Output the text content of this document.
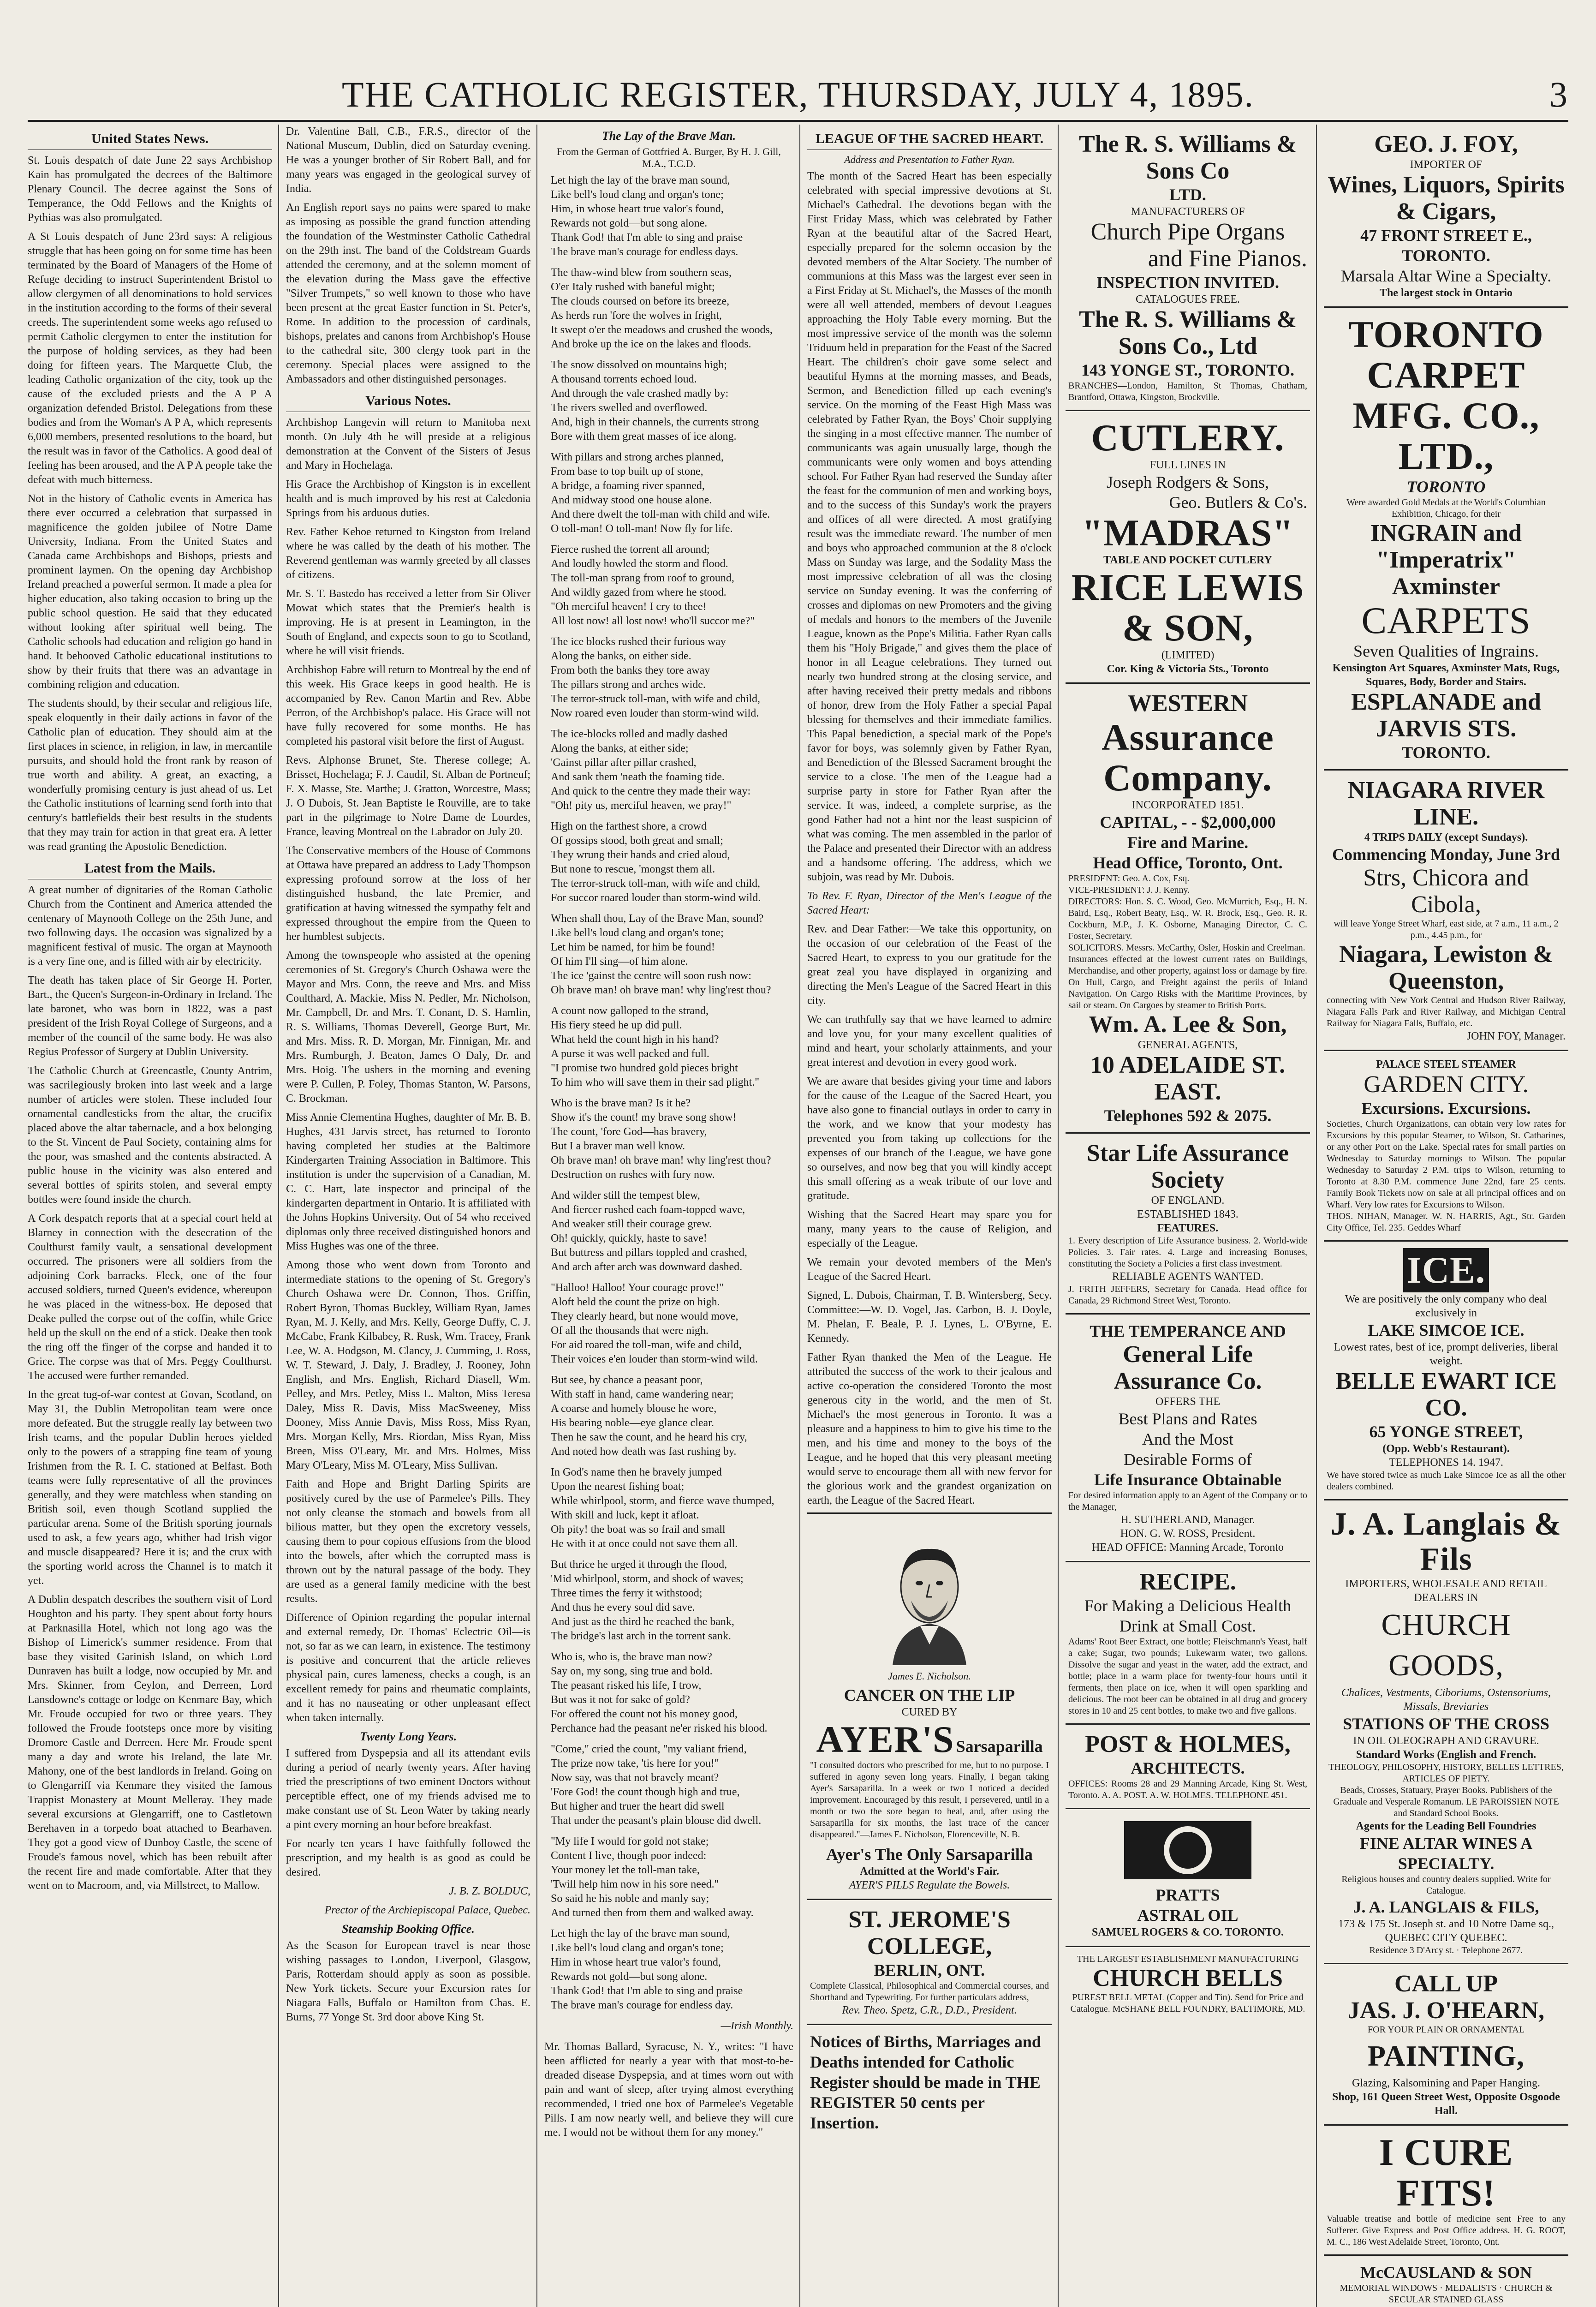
THE CATHOLIC REGISTER, THURSDAY, JULY 4, 1895.	3
United States News.

St. Louis despatch of date June 22 says Archbishop Kain has promulgated the decrees of the Baltimore Plenary Council. The decree against the Sons of Temperance, the Odd Fellows and the Knights of Pythias was also promulgated.

A St Louis despatch of June 23rd says: A religious struggle that has been going on for some time has been terminated by the Board of Managers of the Home of Refuge deciding to instruct Superintendent Bristol to allow clergymen of all denominations to hold services in the institution according to the forms of their several creeds. The superintendent some weeks ago refused to permit Catholic clergymen to enter the institution for the purpose of holding services, as they had been doing for fifteen years. The Marquette Club, the leading Catholic organization of the city, took up the cause of the excluded priests and the A P A organization defended Bristol. Delegations from these bodies and from the Woman's A P A, which represents 6,000 members, presented resolutions to the board, but the result was in favor of the Catholics. A good deal of feeling has been aroused, and the A P A people take the defeat with much bitterness.

Not in the history of Catholic events in America has there ever occurred a celebration that surpassed in magnificence the golden jubilee of Notre Dame University, Indiana. From the United States and Canada came Archbishops and Bishops, priests and prominent laymen. On the opening day Archbishop Ireland preached a powerful sermon. It made a plea for higher education, also taking occasion to bring up the public school question. He said that they educated without looking after spiritual well being. The Catholic schools had education and religion go hand in hand. It behooved Catholic educational institutions to show by their fruits that there was an advantage in combining religion and education.

The students should, by their secular and religious life, speak eloquently in their daily actions in favor of the Catholic plan of education. They should aim at the first places in science, in religion, in law, in mercantile pursuits, and should hold the front rank by reason of true worth and ability. A great, an exacting, a wonderfully promising century is just ahead of us. Let the Catholic institutions of learning send forth into that century's battlefields their best results in the students that they may train for action in that great era. A letter was read granting the Apostolic Benediction.

Latest from the Mails.

A great number of dignitaries of the Roman Catholic Church from the Continent and America attended the centenary of Maynooth College on the 25th June, and two following days. The occasion was signalized by a magnificent festival of music. The organ at Maynooth is a very fine one, and is filled with air by electricity.

The death has taken place of Sir George H. Porter, Bart., the Queen's Surgeon-in-Ordinary in Ireland. The late baronet, who was born in 1822, was a past president of the Irish Royal College of Surgeons, and a member of the council of the same body. He was also Regius Professor of Surgery at Dublin University.

The Catholic Church at Greencastle, County Antrim, was sacrilegiously broken into last week and a large number of articles were stolen. These included four ornamental candlesticks from the altar, the crucifix placed above the altar tabernacle, and a box belonging to the St. Vincent de Paul Society, containing alms for the poor, was smashed and the contents abstracted. A public house in the vicinity was also entered and several bottles of spirits stolen, and several empty bottles were found inside the church.

A Cork despatch reports that at a special court held at Blarney in connection with the desecration of the Coulthurst family vault, a sensational development occurred. The prisoners were all soldiers from the adjoining Cork barracks. Fleck, one of the four accused soldiers, turned Queen's evidence, whereupon he was placed in the witness-box. He deposed that Deake pulled the corpse out of the coffin, while Grice held up the skull on the end of a stick. Deake then took the ring off the finger of the corpse and handed it to Grice. The corpse was that of Mrs. Peggy Coulthurst. The accused were further remanded.

In the great tug-of-war contest at Govan, Scotland, on May 31, the Dublin Metropolitan team were once more defeated. But the struggle really lay between two Irish teams, and the popular Dublin heroes yielded only to the powers of a strapping fine team of young Irishmen from the R. I. C. stationed at Belfast. Both teams were fully representative of all the provinces generally, and they were matchless when standing on British soil, even though Scotland supplied the particular arena. Some of the British sporting journals used to ask, a few years ago, whither had Irish vigor and muscle disappeared? Here it is; and the crux with the sporting world across the Channel is to match it yet.

A Dublin despatch describes the southern visit of Lord Houghton and his party. They spent about forty hours at Parknasilla Hotel, which not long ago was the Bishop of Limerick's summer residence. From that base they visited Garinish Island, on which Lord Dunraven has built a lodge, now occupied by Mr. and Mrs. Skinner, from Ceylon, and Derreen, Lord Lansdowne's cottage or lodge on Kenmare Bay, which Mr. Froude occupied for two or three years. They followed the Froude footsteps once more by visiting Dromore Castle and Derreen. Here Mr. Froude spent many a day and wrote his Ireland, the late Mr. Mahony, one of the best landlords in Ireland. Going on to Glengarriff via Kenmare they visited the famous Trappist Monastery at Mount Melleray. They made several excursions at Glengarriff, one to Castletown Berehaven in a torpedo boat attached to Bearhaven. They got a good view of Dunboy Castle, the scene of Froude's famous novel, which has been rebuilt after the recent fire and made comfortable. After that they went on to Macroom, and, via Millstreet, to Mallow.

Dr. Valentine Ball, C.B., F.R.S., director of the National Museum, Dublin, died on Saturday evening. He was a younger brother of Sir Robert Ball, and for many years was engaged in the geological survey of India.

An English report says no pains were spared to make as imposing as possible the grand function attending the foundation of the Westminster Catholic Cathedral on the 29th inst. The band of the Coldstream Guards attended the ceremony, and at the solemn moment of the elevation during the Mass gave the effective "Silver Trumpets," so well known to those who have been present at the great Easter function in St. Peter's, Rome. In addition to the procession of cardinals, bishops, prelates and canons from Archbishop's House to the cathedral site, 300 clergy took part in the ceremony. Special places were assigned to the Ambassadors and other distinguished personages.

Various Notes.

Archbishop Langevin will return to Manitoba next month. On July 4th he will preside at a religious demonstration at the Convent of the Sisters of Jesus and Mary in Hochelaga.

His Grace the Archbishop of Kingston is in excellent health and is much improved by his rest at Caledonia Springs from his arduous duties.

Rev. Father Kehoe returned to Kingston from Ireland where he was called by the death of his mother. The Reverend gentleman was warmly greeted by all classes of citizens.

Mr. S. T. Bastedo has received a letter from Sir Oliver Mowat which states that the Premier's health is improving. He is at present in Leamington, in the South of England, and expects soon to go to Scotland, where he will visit friends.

Archbishop Fabre will return to Montreal by the end of this week. His Grace keeps in good health. He is accompanied by Rev. Canon Martin and Rev. Abbe Perron, of the Archbishop's palace. His Grace will not have fully recovered for some months. He has completed his pastoral visit before the first of August.

Revs. Alphonse Brunet, Ste. Therese college; A. Brisset, Hochelaga; F. J. Caudil, St. Alban de Portneuf; F. X. Masse, Ste. Marthe; J. Gratton, Worcestre, Mass; J. O Dubois, St. Jean Baptiste le Rouville, are to take part in the pilgrimage to Notre Dame de Lourdes, France, leaving Montreal on the Labrador on July 20.

The Conservative members of the House of Commons at Ottawa have prepared an address to Lady Thompson expressing profound sorrow at the loss of her distinguished husband, the late Premier, and gratification at having witnessed the sympathy felt and expressed throughout the empire from the Queen to her humblest subjects.

Among the townspeople who assisted at the opening ceremonies of St. Gregory's Church Oshawa were the Mayor and Mrs. Conn, the reeve and Mrs. and Miss Coulthard, A. Mackie, Miss N. Pedler, Mr. Nicholson, Mr. Campbell, Dr. and Mrs. T. Conant, D. S. Hamlin, R. S. Williams, Thomas Deverell, George Burt, Mr. and Mrs. Miss. R. D. Morgan, Mr. Finnigan, Mr. and Mrs. Rumburgh, J. Beaton, James O Daly, Dr. and Mrs. Hoig. The ushers in the morning and evening were P. Cullen, P. Foley, Thomas Stanton, W. Parsons, C. Brockman.

Miss Annie Clementina Hughes, daughter of Mr. B. B. Hughes, 431 Jarvis street, has returned to Toronto having completed her studies at the Baltimore Kindergarten Training Association in Baltimore. This institution is under the supervision of a Canadian, M. C. C. Hart, late inspector and principal of the kindergarten department in Ontario. It is affiliated with the Johns Hopkins University. Out of 54 who received diplomas only three received distinguished honors and Miss Hughes was one of the three.

Among those who went down from Toronto and intermediate stations to the opening of St. Gregory's Church Oshawa were Dr. Connon, Thos. Griffin, Robert Byron, Thomas Buckley, William Ryan, James Ryan, M. J. Kelly, and Mrs. Kelly, George Duffy, C. J. McCabe, Frank Kilbabey, R. Rusk, Wm. Tracey, Frank Lee, W. A. Hodgson, M. Clancy, J. Cumming, J. Ross, W. T. Steward, J. Daly, J. Bradley, J. Rooney, John English, and Mrs. English, Richard Diasell, Wm. Pelley, and Mrs. Petley, Miss L. Malton, Miss Teresa Daley, Miss R. Davis, Miss MacSweeney, Miss Dooney, Miss Annie Davis, Miss Ross, Miss Ryan, Mrs. Morgan Kelly, Mrs. Riordan, Miss Ryan, Miss Breen, Miss O'Leary, Mr. and Mrs. Holmes, Miss Mary O'Leary, Miss M. O'Leary, Miss Sullivan.

Faith and Hope and Bright Darling Spirits are positively cured by the use of Parmelee's Pills. They not only cleanse the stomach and bowels from all bilious matter, but they open the excretory vessels, causing them to pour copious effusions from the blood into the bowels, after which the corrupted mass is thrown out by the natural passage of the body. They are used as a general family medicine with the best results.

Difference of Opinion regarding the popular internal and external remedy, Dr. Thomas' Eclectric Oil—is not, so far as we can learn, in existence. The testimony is positive and concurrent that the article relieves physical pain, cures lameness, checks a cough, is an excellent remedy for pains and rheumatic complaints, and it has no nauseating or other unpleasant effect when taken internally.

Twenty Long Years.

I suffered from Dyspepsia and all its attendant evils during a period of nearly twenty years. After having tried the prescriptions of two eminent Doctors without perceptible effect, one of my friends advised me to make constant use of St. Leon Water by taking nearly a pint every morning an hour before breakfast.

For nearly ten years I have faithfully followed the prescription, and my health is as good as could be desired.

J. B. Z. BOLDUC,

Prector of the Archiepiscopal Palace, Quebec.

Steamship Booking Office.

As the Season for European travel is near those wishing passages to London, Liverpool, Glasgow, Paris, Rotterdam should apply as soon as possible. New York tickets. Secure your Excursion rates for Niagara Falls, Buffalo or Hamilton from Chas. E. Burns, 77 Yonge St. 3rd door above King St.

The Lay of the Brave Man.
From the German of Gottfried A. Burger, By H. J. Gill, M.A., T.C.D.

Let high the lay of the brave man sound,
Like bell's loud clang and organ's tone;
Him, in whose heart true valor's found,
Rewards not gold—but song alone.
Thank God! that I'm able to sing and praise
The brave man's courage for endless days.

The thaw-wind blew from southern seas,
O'er Italy rushed with baneful might;
The clouds coursed on before its breeze,
As herds run 'fore the wolves in fright,
It swept o'er the meadows and crushed the woods,
And broke up the ice on the lakes and floods.

The snow dissolved on mountains high;
A thousand torrents echoed loud.
And through the vale crashed madly by:
The rivers swelled and overflowed.
And, high in their channels, the currents strong
Bore with them great masses of ice along.

With pillars and strong arches planned,
From base to top built up of stone,
A bridge, a foaming river spanned,
And midway stood one house alone.
And there dwelt the toll-man with child and wife.
O toll-man! O toll-man! Now fly for life.

Fierce rushed the torrent all around;
And loudly howled the storm and flood.
The toll-man sprang from roof to ground,
And wildly gazed from where he stood.
"Oh merciful heaven! I cry to thee!
All lost now! all lost now! who'll succor me?"

The ice blocks rushed their furious way
Along the banks, on either side.
From both the banks they tore away
The pillars strong and arches wide.
The terror-struck toll-man, with wife and child,
Now roared even louder than storm-wind wild.

The ice-blocks rolled and madly dashed
Along the banks, at either side;
'Gainst pillar after pillar crashed,
And sank them 'neath the foaming tide.
And quick to the centre they made their way:
"Oh! pity us, merciful heaven, we pray!"

High on the farthest shore, a crowd
Of gossips stood, both great and small;
They wrung their hands and cried aloud,
But none to rescue, 'mongst them all.
The terror-struck toll-man, with wife and child,
For succor roared louder than storm-wind wild.

When shall thou, Lay of the Brave Man, sound?
Like bell's loud clang and organ's tone;
Let him be named, for him be found!
Of him I'll sing—of him alone.
The ice 'gainst the centre will soon rush now:
Oh brave man! oh brave man! why ling'rest thou?

A count now galloped to the strand,
His fiery steed he up did pull.
What held the count high in his hand?
A purse it was well packed and full.
"I promise two hundred gold pieces bright
To him who will save them in their sad plight."

Who is the brave man? Is it he?
Show it's the count! my brave song show!
The count, 'fore God—has bravery,
But I a braver man well know.
Oh brave man! oh brave man! why ling'rest thou?
Destruction on rushes with fury now.

And wilder still the tempest blew,
And fiercer rushed each foam-topped wave,
And weaker still their courage grew.
Oh! quickly, quickly, haste to save!
But buttress and pillars toppled and crashed,
And arch after arch was downward dashed.

"Halloo! Halloo! Your courage prove!"
Aloft held the count the prize on high.
They clearly heard, but none would move,
Of all the thousands that were nigh.
For aid roared the toll-man, wife and child,
Their voices e'en louder than storm-wind wild.

But see, by chance a peasant poor,
With staff in hand, came wandering near;
A coarse and homely blouse he wore,
His bearing noble—eye glance clear.
Then he saw the count, and he heard his cry,
And noted how death was fast rushing by.

In God's name then he bravely jumped
Upon the nearest fishing boat;
While whirlpool, storm, and fierce wave thumped,
With skill and luck, kept it afloat.
Oh pity! the boat was so frail and small
He with it at once could not save them all.

But thrice he urged it through the flood,
'Mid whirlpool, storm, and shock of waves;
Three times the ferry it withstood;
And thus he every soul did save.
And just as the third he reached the bank,
The bridge's last arch in the torrent sank.

Who is, who is, the brave man now?
Say on, my song, sing true and bold.
The peasant risked his life, I trow,
But was it not for sake of gold?
For offered the count not his money good,
Perchance had the peasant ne'er risked his blood.

"Come," cried the count, "my valiant friend,
The prize now take, 'tis here for you!"
Now say, was that not bravely meant?
'Fore God! the count though high and true,
But higher and truer the heart did swell
That under the peasant's plain blouse did dwell.

"My life I would for gold not stake;
Content I live, though poor indeed:
Your money let the toll-man take,
'Twill help him now in his sore need."
So said he his noble and manly say;
And turned then from them and walked away.

Let high the lay of the brave man sound,
Like bell's loud clang and organ's tone;
Him in whose heart true valor's found,
Rewards not gold—but song alone.
Thank God! that I'm able to sing and praise
The brave man's courage for endless day.

—Irish Monthly.

Mr. Thomas Ballard, Syracuse, N. Y., writes: "I have been afflicted for nearly a year with that most-to-be-dreaded disease Dyspepsia, and at times worn out with pain and want of sleep, after trying almost everything recommended, I tried one box of Parmelee's Vegetable Pills. I am now nearly well, and believe they will cure me. I would not be without them for any money."

LEAGUE OF THE SACRED HEART.
Address and Presentation to Father Ryan.

The month of the Sacred Heart has been especially celebrated with special impressive devotions at St. Michael's Cathedral. The devotions began with the First Friday Mass, which was celebrated by Father Ryan at the beautiful altar of the Sacred Heart, especially prepared for the solemn occasion by the devoted members of the Altar Society. The number of communions at this Mass was the largest ever seen in a First Friday at St. Michael's, the Masses of the month were all well attended, members of devout Leagues approaching the Holy Table every morning. But the most impressive service of the month was the solemn Triduum held in preparation for the Feast of the Sacred Heart. The children's choir gave some select and beautiful Hymns at the morning masses, and Beads, Sermon, and Benediction filled up each evening's service. On the morning of the Feast High Mass was celebrated by Father Ryan, the Boys' Choir supplying the singing in a most effective manner. The number of communicants was again unusually large, though the communicants were only women and boys attending school. For Father Ryan had reserved the Sunday after the feast for the communion of men and working boys, and to the success of this Sunday's work the prayers and offices of all were directed. A most gratifying result was the immediate reward. The number of men and boys who approached communion at the 8 o'clock Mass on Sunday was large, and the Sodality Mass the most impressive celebration of all was the closing service on Sunday evening. It was the conferring of crosses and diplomas on new Promoters and the giving of medals and honors to the members of the Juvenile League, known as the Pope's Militia. Father Ryan calls them his "Holy Brigade," and gives them the place of honor in all League celebrations. They turned out nearly two hundred strong at the closing service, and after having received their pretty medals and ribbons of honor, drew from the Holy Father a special Papal blessing for themselves and their immediate families. This Papal benediction, a special mark of the Pope's favor for boys, was solemnly given by Father Ryan, and Benediction of the Blessed Sacrament brought the service to a close. The men of the League had a surprise party in store for Father Ryan after the service. It was, indeed, a complete surprise, as the good Father had not a hint nor the least suspicion of what was coming. The men assembled in the parlor of the Palace and presented their Director with an address and a handsome offering. The address, which we subjoin, was read by Mr. Dubois.

To Rev. F. Ryan, Director of the Men's League of the Sacred Heart:

Rev. and Dear Father:—We take this opportunity, on the occasion of our celebration of the Feast of the Sacred Heart, to express to you our gratitude for the great zeal you have displayed in organizing and directing the Men's League of the Sacred Heart in this city.

We can truthfully say that we have learned to admire and love you, for your many excellent qualities of mind and heart, your scholarly attainments, and your great interest and devotion in every good work.

We are aware that besides giving your time and labors for the cause of the League of the Sacred Heart, you have also gone to financial outlays in order to carry in the work, and we know that your modesty has prevented you from taking up collections for the expenses of our branch of the League, we have gone so ourselves, and now beg that you will kindly accept this small offering as a weak tribute of our love and gratitude.

Wishing that the Sacred Heart may spare you for many, many years to the cause of Religion, and especially of the League.

We remain your devoted members of the Men's League of the Sacred Heart.

Signed, L. Dubois, Chairman, T. B. Wintersberg, Secy. Committee:—W. D. Vogel, Jas. Carbon, B. J. Doyle, M. Phelan, F. Beale, P. J. Lynes, L. O'Byrne, E. Kennedy.

Father Ryan thanked the Men of the League. He attributed the success of the work to their jealous and active co-operation the considered Toronto the most generous city in the world, and the men of St. Michael's the most generous in Toronto. It was a pleasure and a happiness to him to give his time to the men, and his time and money to the boys of the League, and he hoped that this very pleasant meeting would serve to encourage them all with new fervor for the glorious work and the grandest organization on earth, the League of the Sacred Heart.

James E. Nicholson.
CANCER ON THE LIP
CURED BY
AYER'S Sarsaparilla
"I consulted doctors who prescribed for me, but to no purpose. I suffered in agony seven long years. Finally, I began taking Ayer's Sarsaparilla. In a week or two I noticed a decided improvement. Encouraged by this result, I persevered, until in a month or two the sore began to heal, and, after using the Sarsaparilla for six months, the last trace of the cancer disappeared."—James E. Nicholson, Florenceville, N. B.
Ayer's The Only Sarsaparilla
Admitted at the World's Fair.
AYER'S PILLS Regulate the Bowels.
ST. JEROME'S COLLEGE,
BERLIN, ONT.
Complete Classical, Philosophical and Commercial courses, and Shorthand and Typewriting. For further particulars address,
Rev. Theo. Spetz, C.R., D.D., President.
Notices of Births, Marriages and Deaths intended for Catholic Register should be made in THE REGISTER 50 cents per Insertion.
The R. S. Williams & Sons Co
LTD.
MANUFACTURERS OF
Church Pipe Organs
and Fine Pianos.
INSPECTION INVITED.
CATALOGUES FREE.
The R. S. Williams & Sons Co., Ltd
143 YONGE ST., TORONTO.
BRANCHES—London, Hamilton, St Thomas, Chatham, Brantford, Ottawa, Kingston, Brockville.
CUTLERY.
FULL LINES IN
Joseph Rodgers & Sons,
Geo. Butlers & Co's.
"MADRAS"
TABLE AND POCKET CUTLERY
RICE LEWIS & SON,
(LIMITED)
Cor. King & Victoria Sts., Toronto
WESTERN
Assurance Company.
INCORPORATED 1851.
CAPITAL, - - $2,000,000
Fire and Marine.
Head Office, Toronto, Ont.
PRESIDENT: Geo. A. Cox, Esq.
VICE-PRESIDENT: J. J. Kenny.
DIRECTORS: Hon. S. C. Wood, Geo. McMurrich, Esq., H. N. Baird, Esq., Robert Beaty, Esq., W. R. Brock, Esq., Geo. R. R. Cockburn, M.P., J. K. Osborne, Managing Director, C. C. Foster, Secretary.
SOLICITORS. Messrs. McCarthy, Osler, Hoskin and Creelman.
Insurances effected at the lowest current rates on Buildings, Merchandise, and other property, against loss or damage by fire. On Hull, Cargo, and Freight against the perils of Inland Navigation. On Cargo Risks with the Maritime Provinces, by sail or steam. On Cargoes by steamer to British Ports.
Wm. A. Lee & Son,
GENERAL AGENTS,
10 ADELAIDE ST. EAST.
Telephones 592 & 2075.
Star Life Assurance Society
OF ENGLAND.
ESTABLISHED 1843.
FEATURES.
1. Every description of Life Assurance business. 2. World-wide Policies. 3. Fair rates. 4. Large and increasing Bonuses, constituting the Society a Policies a first class investment.
RELIABLE AGENTS WANTED.
J. FRITH JEFFERS, Secretary for Canada. Head office for Canada, 29 Richmond Street West, Toronto.
THE TEMPERANCE AND
General Life Assurance Co.
OFFERS THE
Best Plans and Rates
And the Most
Desirable Forms of
Life Insurance Obtainable
For desired information apply to an Agent of the Company or to the Manager,
H. SUTHERLAND, Manager.
HON. G. W. ROSS, President.
HEAD OFFICE: Manning Arcade, Toronto
RECIPE.
For Making a Delicious Health Drink at Small Cost.
Adams' Root Beer Extract, one bottle; Fleischmann's Yeast, half a cake; Sugar, two pounds; Lukewarm water, two gallons. Dissolve the sugar and yeast in the water, add the extract, and bottle; place in a warm place for twenty-four hours until it ferments, then place on ice, when it will open sparkling and delicious. The root beer can be obtained in all drug and grocery stores in 10 and 25 cent bottles, to make two and five gallons.
POST & HOLMES,
ARCHITECTS.
OFFICES: Rooms 28 and 29 Manning Arcade, King St. West, Toronto. A. A. POST. A. W. HOLMES. TELEPHONE 451.
PRATTS
ASTRAL OIL
SAMUEL ROGERS & CO. TORONTO.
THE LARGEST ESTABLISHMENT MANUFACTURING
CHURCH BELLS
PUREST BELL METAL (Copper and Tin). Send for Price and Catalogue. McSHANE BELL FOUNDRY, BALTIMORE, MD.
GEO. J. FOY,
IMPORTER OF
Wines, Liquors, Spirits & Cigars,
47 FRONT STREET E.,
TORONTO.
Marsala Altar Wine a Specialty.
The largest stock in Ontario
TORONTO CARPET
MFG. CO., LTD.,
TORONTO
Were awarded Gold Medals at the World's Columbian Exhibition, Chicago, for their
INGRAIN and
"Imperatrix" Axminster
CARPETS
Seven Qualities of Ingrains.
Kensington Art Squares, Axminster Mats, Rugs, Squares, Body, Border and Stairs.
ESPLANADE and JARVIS STS.
TORONTO.
NIAGARA RIVER LINE.
4 TRIPS DAILY (except Sundays).
Commencing Monday, June 3rd
Strs, Chicora and Cibola,
will leave Yonge Street Wharf, east side, at 7 a.m., 11 a.m., 2 p.m., 4.45 p.m., for
Niagara, Lewiston & Queenston,
connecting with New York Central and Hudson River Railway, Niagara Falls Park and River Railway, and Michigan Central Railway for Niagara Falls, Buffalo, etc.
JOHN FOY, Manager.
PALACE STEEL STEAMER
GARDEN CITY.
Excursions. Excursions.
Societies, Church Organizations, can obtain very low rates for Excursions by this popular Steamer, to Wilson, St. Catharines, or any other Port on the Lake. Special rates for small parties on Wednesday to Saturday mornings to Wilson. The popular Wednesday to Saturday 2 P.M. trips to Wilson, returning to Toronto at 8.30 P.M. commence June 22nd, fare 25 cents. Family Book Tickets now on sale at all principal offices and on Wharf. Very low rates for Excursions to Wilson.
THOS. NIHAN, Manager. W. N. HARRIS, Agt., Str. Garden City Office, Tel. 235. Geddes Wharf
ICE.
We are positively the only company who deal exclusively in
LAKE SIMCOE ICE.
Lowest rates, best of ice, prompt deliveries, liberal weight.
BELLE EWART ICE CO.
65 YONGE STREET,
(Opp. Webb's Restaurant).
TELEPHONES 14. 1947.
We have stored twice as much Lake Simcoe Ice as all the other dealers combined.
J. A. Langlais & Fils
IMPORTERS, WHOLESALE AND RETAIL DEALERS IN
CHURCH GOODS,
Chalices, Vestments, Ciboriums, Ostensoriums, Missals, Breviaries
STATIONS OF THE CROSS
IN OIL OLEOGRAPH AND GRAVURE.
Standard Works (English and French.
THEOLOGY, PHILOSOPHY, HISTORY, BELLES LETTRES, ARTICLES OF PIETY.
Beads, Crosses, Statuary, Prayer Books. Publishers of the Graduale and Vesperale Romanum. LE PAROISSIEN NOTE and Standard School Books.
Agents for the Leading Bell Foundries
FINE ALTAR WINES A SPECIALTY.
Religious houses and country dealers supplied. Write for Catalogue.
J. A. LANGLAIS & FILS,
173 & 175 St. Joseph st. and 10 Notre Dame sq.,
QUEBEC CITY QUEBEC.
Residence 3 D'Arcy st. · Telephone 2677.
CALL UP
JAS. J. O'HEARN,
FOR YOUR PLAIN OR ORNAMENTAL
PAINTING,
Glazing, Kalsomining and Paper Hanging.
Shop, 161 Queen Street West, Opposite Osgoode Hall.
I CURE FITS!
Valuable treatise and bottle of medicine sent Free to any Sufferer. Give Express and Post Office address. H. G. ROOT, M. C., 186 West Adelaide Street, Toronto, Ont.
McCAUSLAND & SON
MEMORIAL WINDOWS · MEDALISTS · CHURCH & SECULAR STAINED GLASS
